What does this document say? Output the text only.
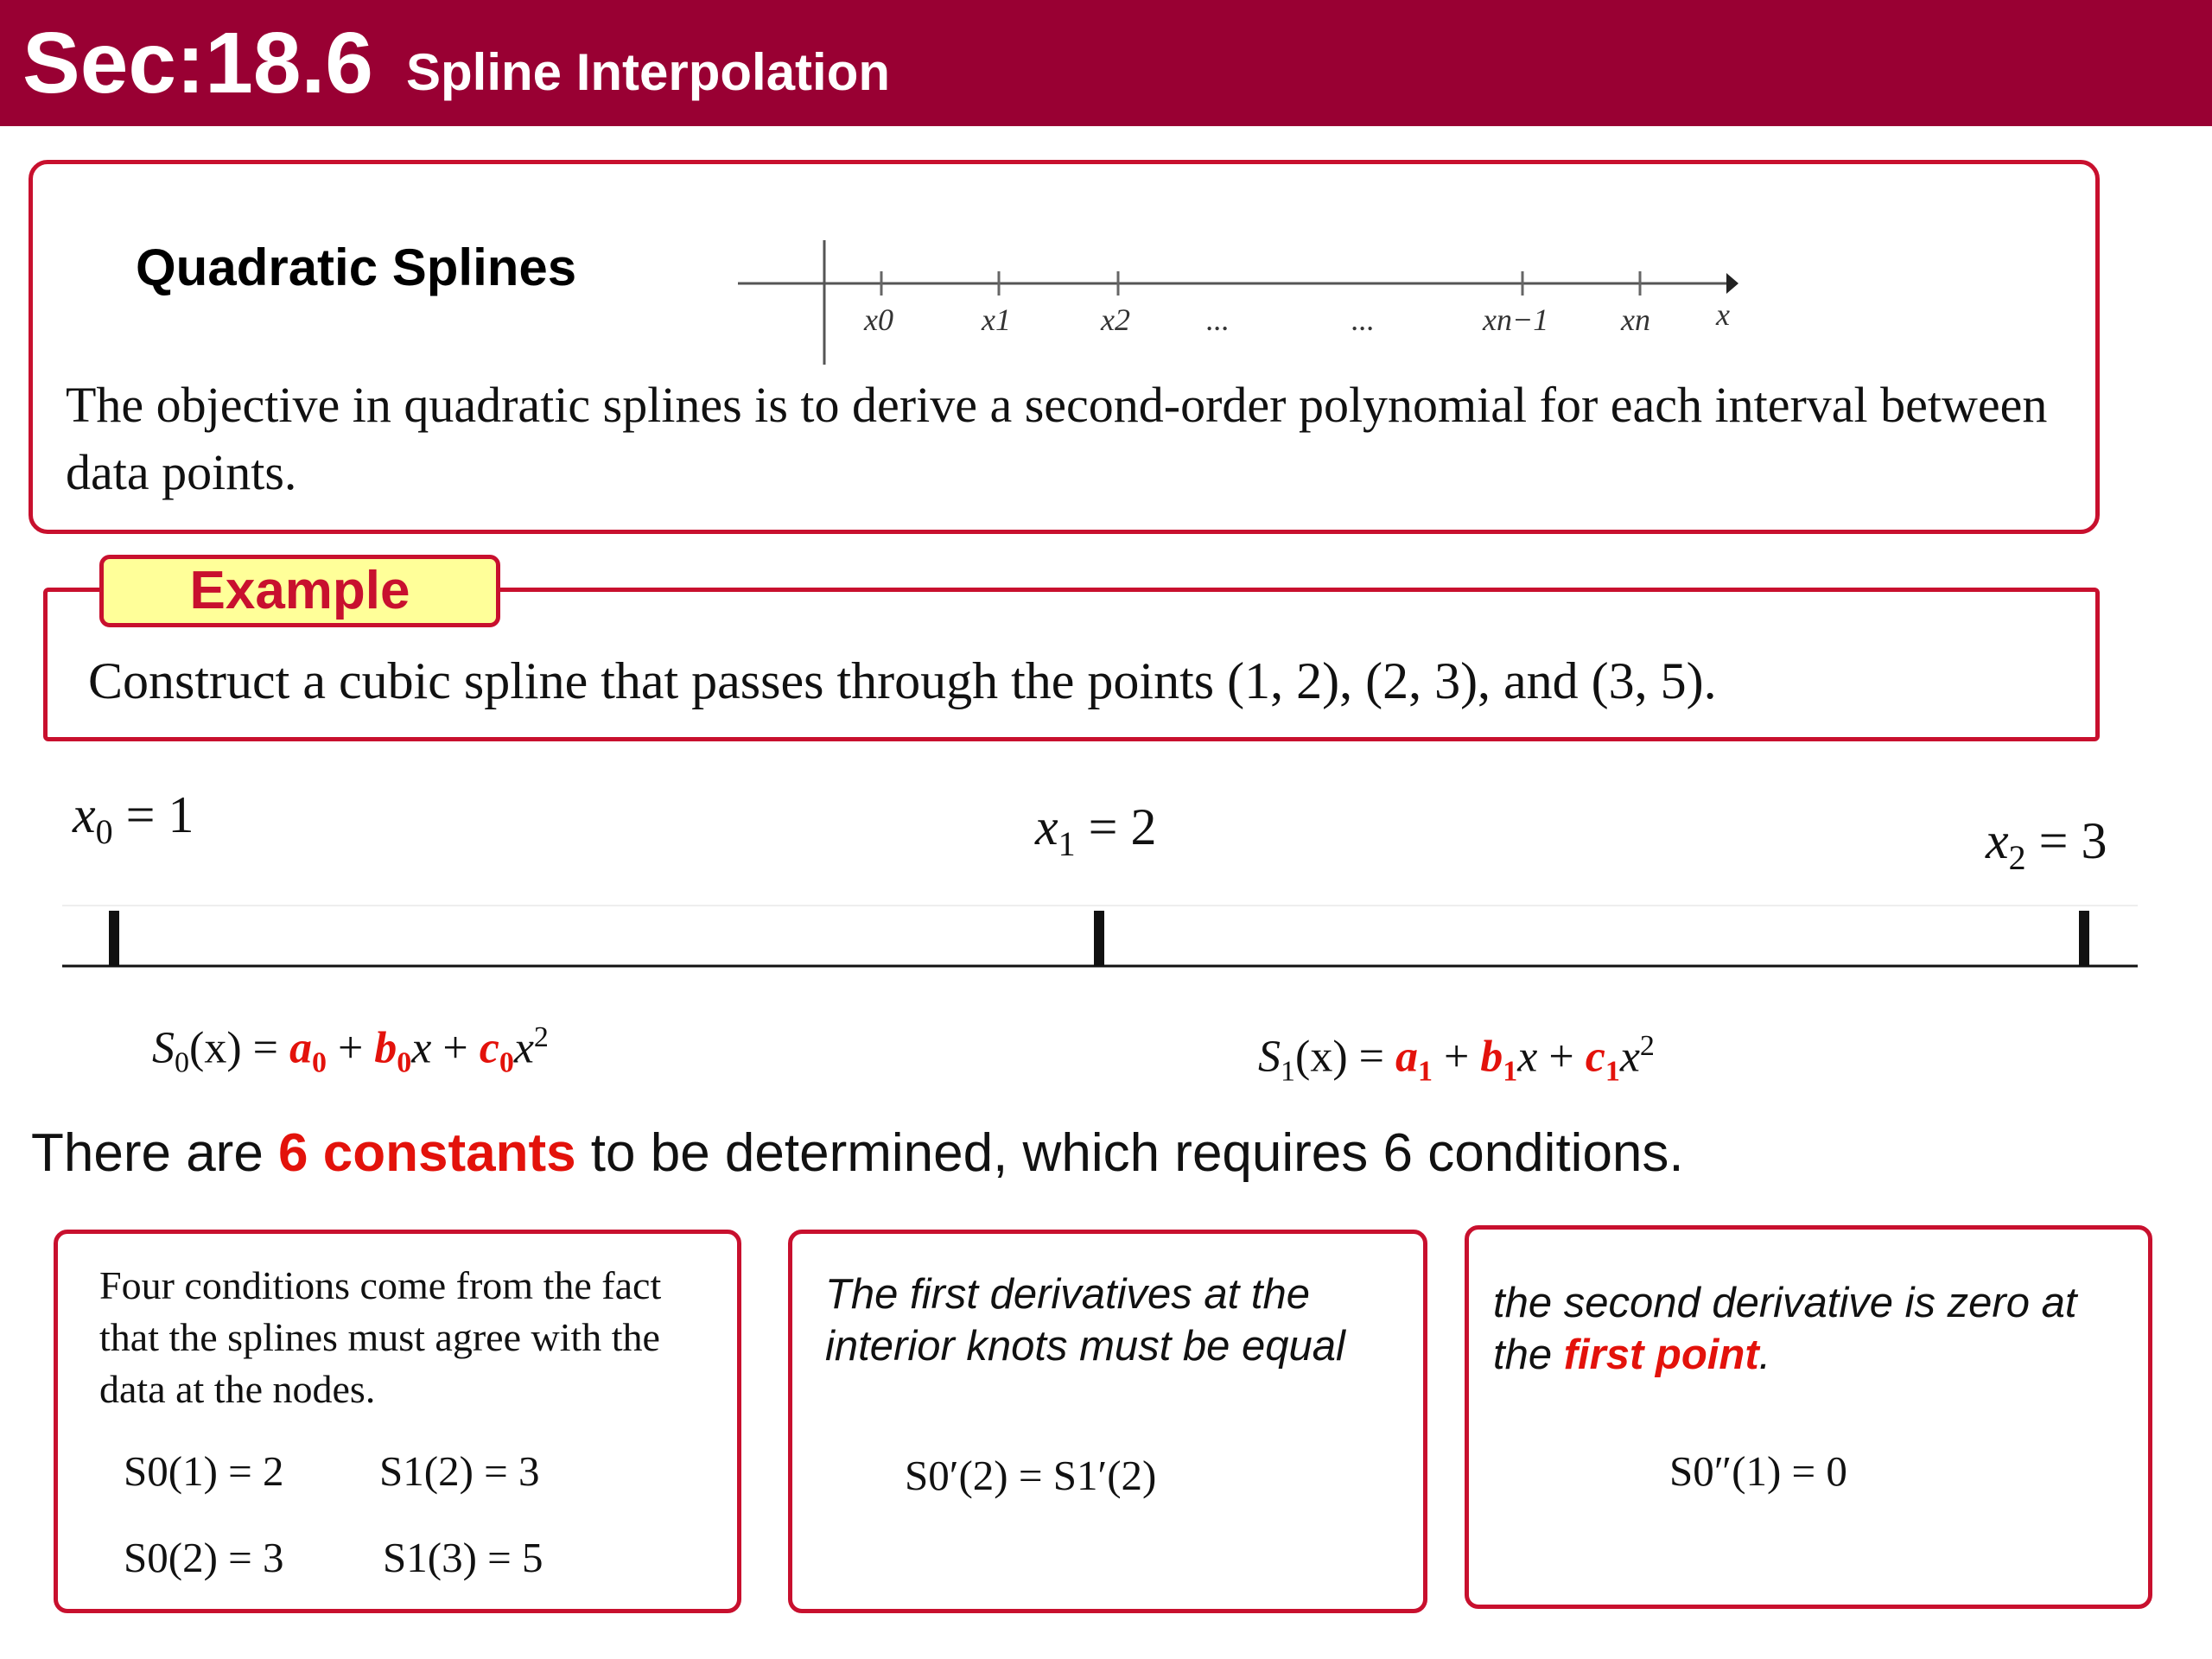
Sec:18.6 Spline Interpolation
Quadratic Splines
x0	x1	x2 ...	...	xn−1 xn x
The objective in quadratic splines is to derive a second-order polynomial for each interval between data points.
Example
Construct a cubic spline that passes through the points (1, 2), (2, 3), and (3, 5).
$x_0 = 1$	$x_1 = 2$	$x_2 = 3$
$S_0(x) = a_0 + b_0x + c_0x^2$	$S_1(x) = a_1 + b_1x + c_1x^2$
There are 6 constants to be determined, which requires 6 conditions.
Four conditions come from the fact that the splines must agree with the data at the nodes.
S0(1) = 2 S1(2) = 3
S0(2) = 3 S1(3) = 5
The first derivatives at the interior knots must be equal
S0′(2) = S1′(2)
the second derivative is zero at the first point.
S0″(1) = 0
